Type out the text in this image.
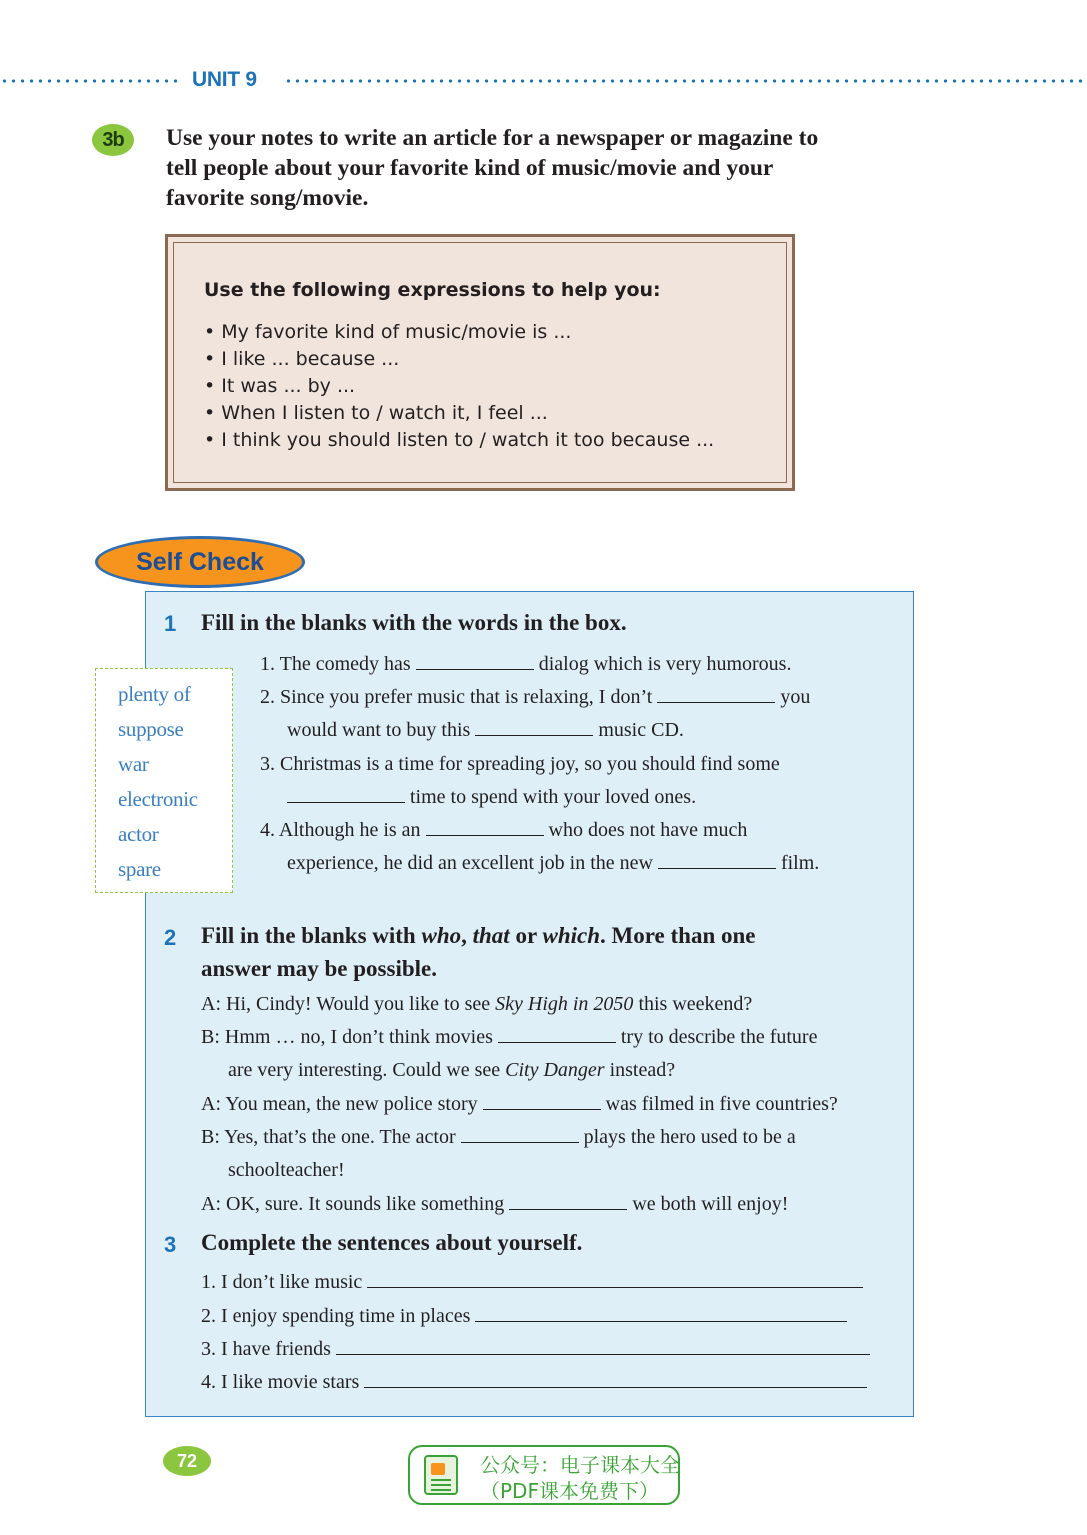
UNIT 9
3b	Use your notes to write an article for a newspaper or magazine to
tell people about your favorite kind of music/movie and your
favorite song/movie.
Use the following expressions to help you:
• My favorite kind of music/movie is ...
• I like ... because ...
• It was ... by ...
• When I listen to / watch it, I feel ...
• I think you should listen to / watch it too because ...
Self Check
1 Fill in the blanks with the words in the box.
plenty of
suppose
war
electronic
actor
spare
1. The comedy has	dialog which is very humorous.
2. Since you prefer music that is relaxing, I don’t	you
would want to buy this	music CD.
3. Christmas is a time for spreading joy, so you should find some
time to spend with your loved ones.
4. Although he is an	who does not have much
experience, he did an excellent job in the new	film.
2 Fill in the blanks with who, that or which. More than one
answer may be possible.
A: Hi, Cindy! Would you like to see Sky High in 2050 this weekend?
B: Hmm … no, I don’t think movies	try to describe the future
are very interesting. Could we see City Danger instead?
A: You mean, the new police story	was filmed in five countries?
B: Yes, that’s the one. The actor	plays the hero used to be a
schoolteacher!
A: OK, sure. It sounds like something	we both will enjoy!
3 Complete the sentences about yourself.
1. I don’t like music
2. I enjoy spending time in places
3. I have friends
4. I like movie stars
72	公众号：电子课本大全
（PDF课本免费下）
